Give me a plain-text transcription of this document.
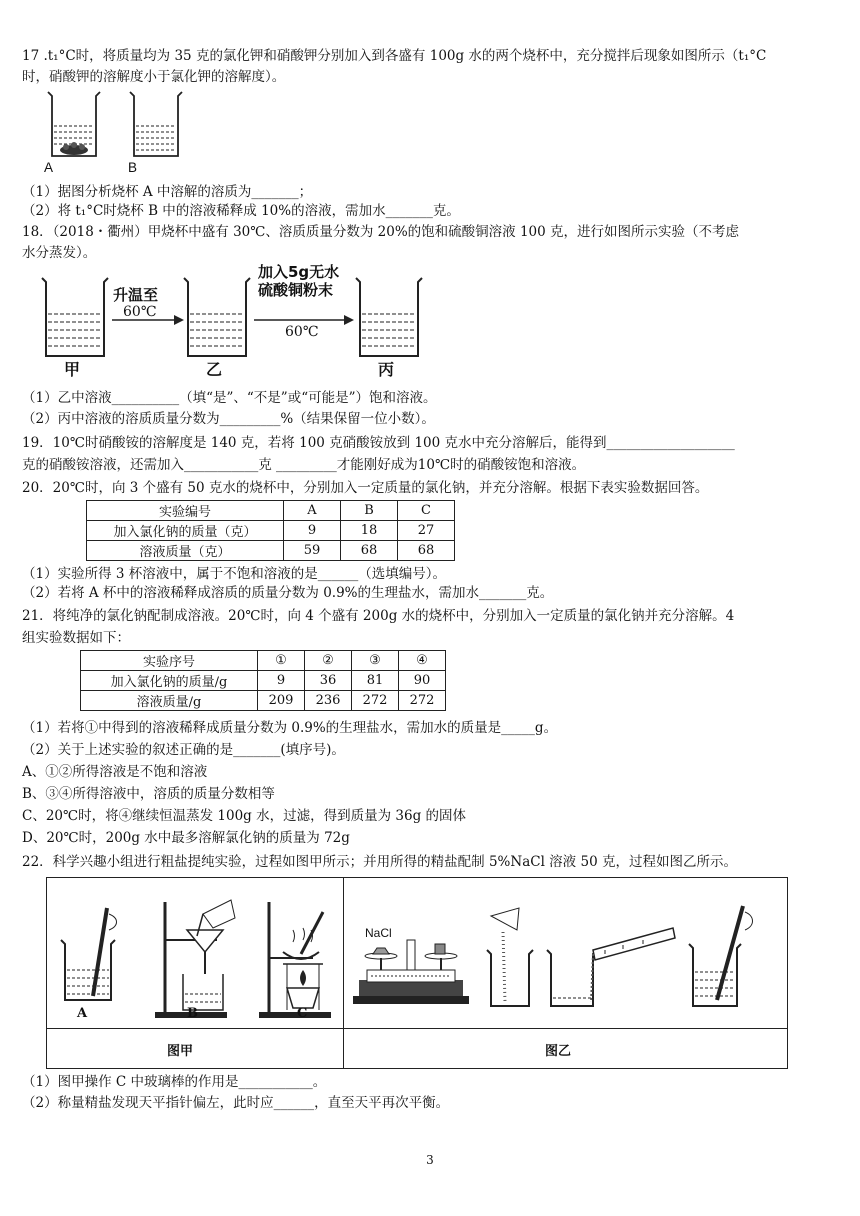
17 .t₁°C时，将质量均为 35 克的氯化钾和硝酸钾分别加入到各盛有 100g 水的两个烧杯中，充分搅拌后现象如图所示（t₁°C
时，硝酸钾的溶解度小于氯化钾的溶解度）。
A	B
（1）据图分析烧杯 A 中溶解的溶质为_______；
（2）将 t₁°C时烧杯 B 中的溶液稀释成 10%的溶液，需加水_______克。
18．（2018・衢州）甲烧杯中盛有 30℃、溶质质量分数为 20%的饱和硫酸铜溶液 100 克，进行如图所示实验（不考虑
水分蒸发）。
升温至
60℃
加入5g无水
硫酸铜粉末
60℃
甲	乙	丙
（1）乙中溶液__________（填“是”、“不是”或“可能是”）饱和溶液。
（2）丙中溶液的溶质质量分数为_________%（结果保留一位小数）。
19．10℃时硝酸铵的溶解度是 140 克，若将 100 克硝酸铵放到 100 克水中充分溶解后，能得到___________________
克的硝酸铵溶液，还需加入___________克 _________才能刚好成为10℃时的硝酸铵饱和溶液。
20．20℃时，向 3 个盛有 50 克水的烧杯中，分别加入一定质量的氯化钠，并充分溶解。根据下表实验数据回答。
实验编号	A	B	C
加入氯化钠的质量（克）	9	18	27
溶液质量（克）	59	68	68
（1）实验所得 3 杯溶液中，属于不饱和溶液的是______（选填编号）。
（2）若将 A 杯中的溶液稀释成溶质的质量分数为 0.9%的生理盐水，需加水_______克。
21．将纯净的氯化钠配制成溶液。20℃时，向 4 个盛有 200g 水的烧杯中，分别加入一定质量的氯化钠并充分溶解。4
组实验数据如下：
实验序号	①	②	③	④
加入氯化钠的质量/g	9	36	81	90
溶液质量/g	209	236	272	272
（1）若将①中得到的溶液稀释成质量分数为 0.9%的生理盐水，需加水的质量是_____g。
（2）关于上述实验的叙述正确的是_______(填序号)。
A、①②所得溶液是不饱和溶液
B、③④所得溶液中，溶质的质量分数相等
C、20℃时，将④继续恒温蒸发 100g 水，过滤，得到质量为 36g 的固体
D、20℃时，200g 水中最多溶解氯化钠的质量为 72g
22．科学兴趣小组进行粗盐提纯实验，过程如图甲所示；并用所得的精盐配制 5%NaCl 溶液 50 克，过程如图乙所示。
A	B	C
NaCl
图甲	图乙
（1）图甲操作 C 中玻璃棒的作用是___________。
（2）称量精盐发现天平指针偏左，此时应______，直至天平再次平衡。
3
